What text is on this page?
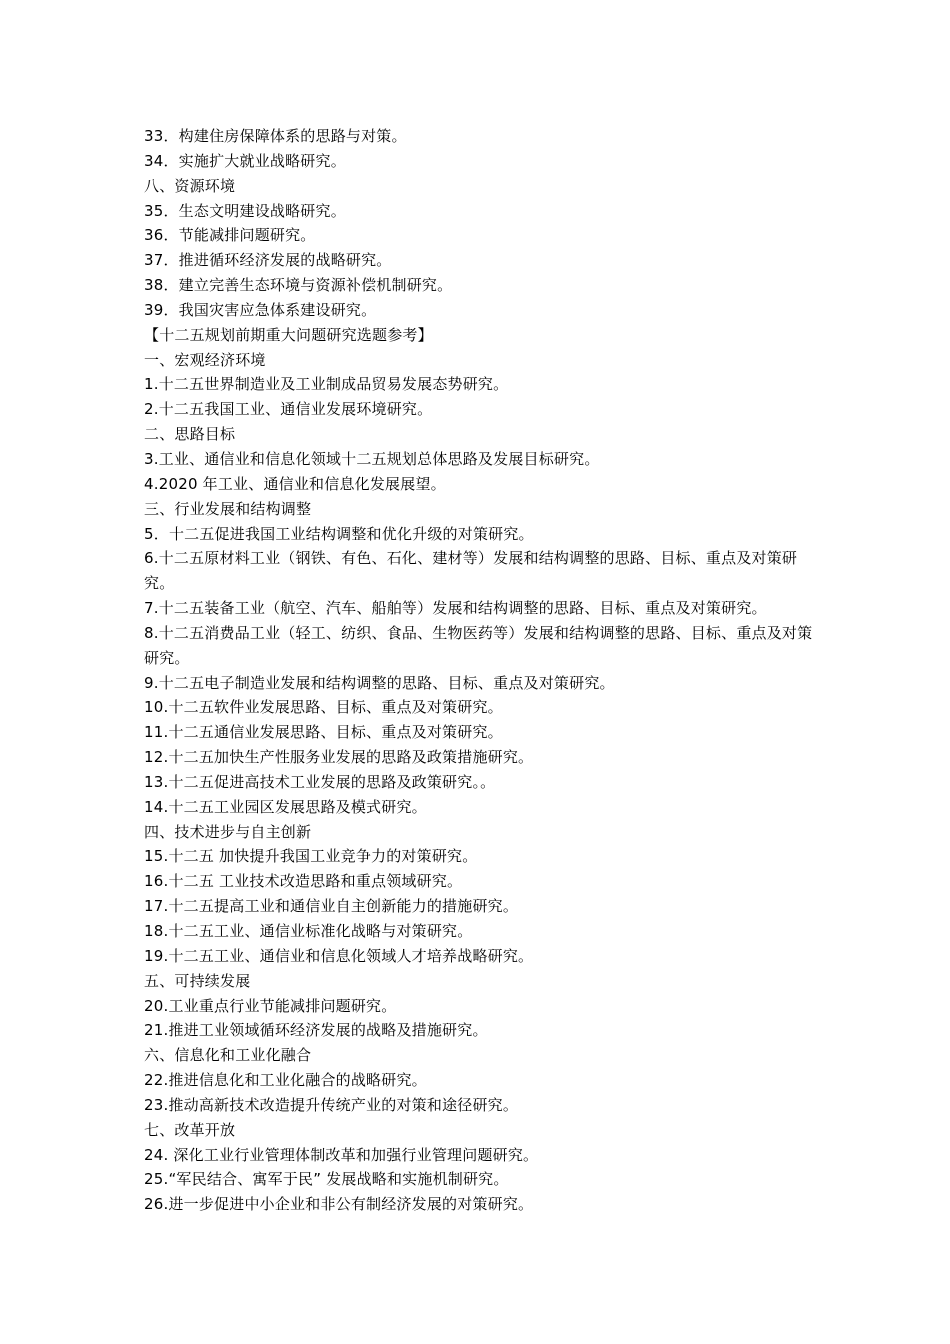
33．构建住房保障体系的思路与对策。
34．实施扩大就业战略研究。
八、资源环境
35．生态文明建设战略研究。
36．节能减排问题研究。
37．推进循环经济发展的战略研究。
38．建立完善生态环境与资源补偿机制研究。
39．我国灾害应急体系建设研究。
【十二五规划前期重大问题研究选题参考】
一、宏观经济环境
1.十二五世界制造业及工业制成品贸易发展态势研究。
2.十二五我国工业、通信业发展环境研究。
二、思路目标
3.工业、通信业和信息化领域十二五规划总体思路及发展目标研究。
4.2020 年工业、通信业和信息化发展展望。
三、行业发展和结构调整
5．十二五促进我国工业结构调整和优化升级的对策研究。
6.十二五原材料工业（钢铁、有色、石化、建材等）发展和结构调整的思路、目标、重点及对策研究。
7.十二五装备工业（航空、汽车、船舶等）发展和结构调整的思路、目标、重点及对策研究。
8.十二五消费品工业（轻工、纺织、食品、生物医药等）发展和结构调整的思路、目标、重点及对策研究。
9.十二五电子制造业发展和结构调整的思路、目标、重点及对策研究。
10.十二五软件业发展思路、目标、重点及对策研究。
11.十二五通信业发展思路、目标、重点及对策研究。
12.十二五加快生产性服务业发展的思路及政策措施研究。
13.十二五促进高技术工业发展的思路及政策研究。。
14.十二五工业园区发展思路及模式研究。
四、技术进步与自主创新
15.十二五 加快提升我国工业竞争力的对策研究。
16.十二五 工业技术改造思路和重点领域研究。
17.十二五提高工业和通信业自主创新能力的措施研究。
18.十二五工业、通信业标准化战略与对策研究。
19.十二五工业、通信业和信息化领域人才培养战略研究。
五、可持续发展
20.工业重点行业节能减排问题研究。
21.推进工业领域循环经济发展的战略及措施研究。
六、信息化和工业化融合
22.推进信息化和工业化融合的战略研究。
23.推动高新技术改造提升传统产业的对策和途径研究。
七、改革开放
24. 深化工业行业管理体制改革和加强行业管理问题研究。
25.“军民结合、寓军于民” 发展战略和实施机制研究。
26.进一步促进中小企业和非公有制经济发展的对策研究。
